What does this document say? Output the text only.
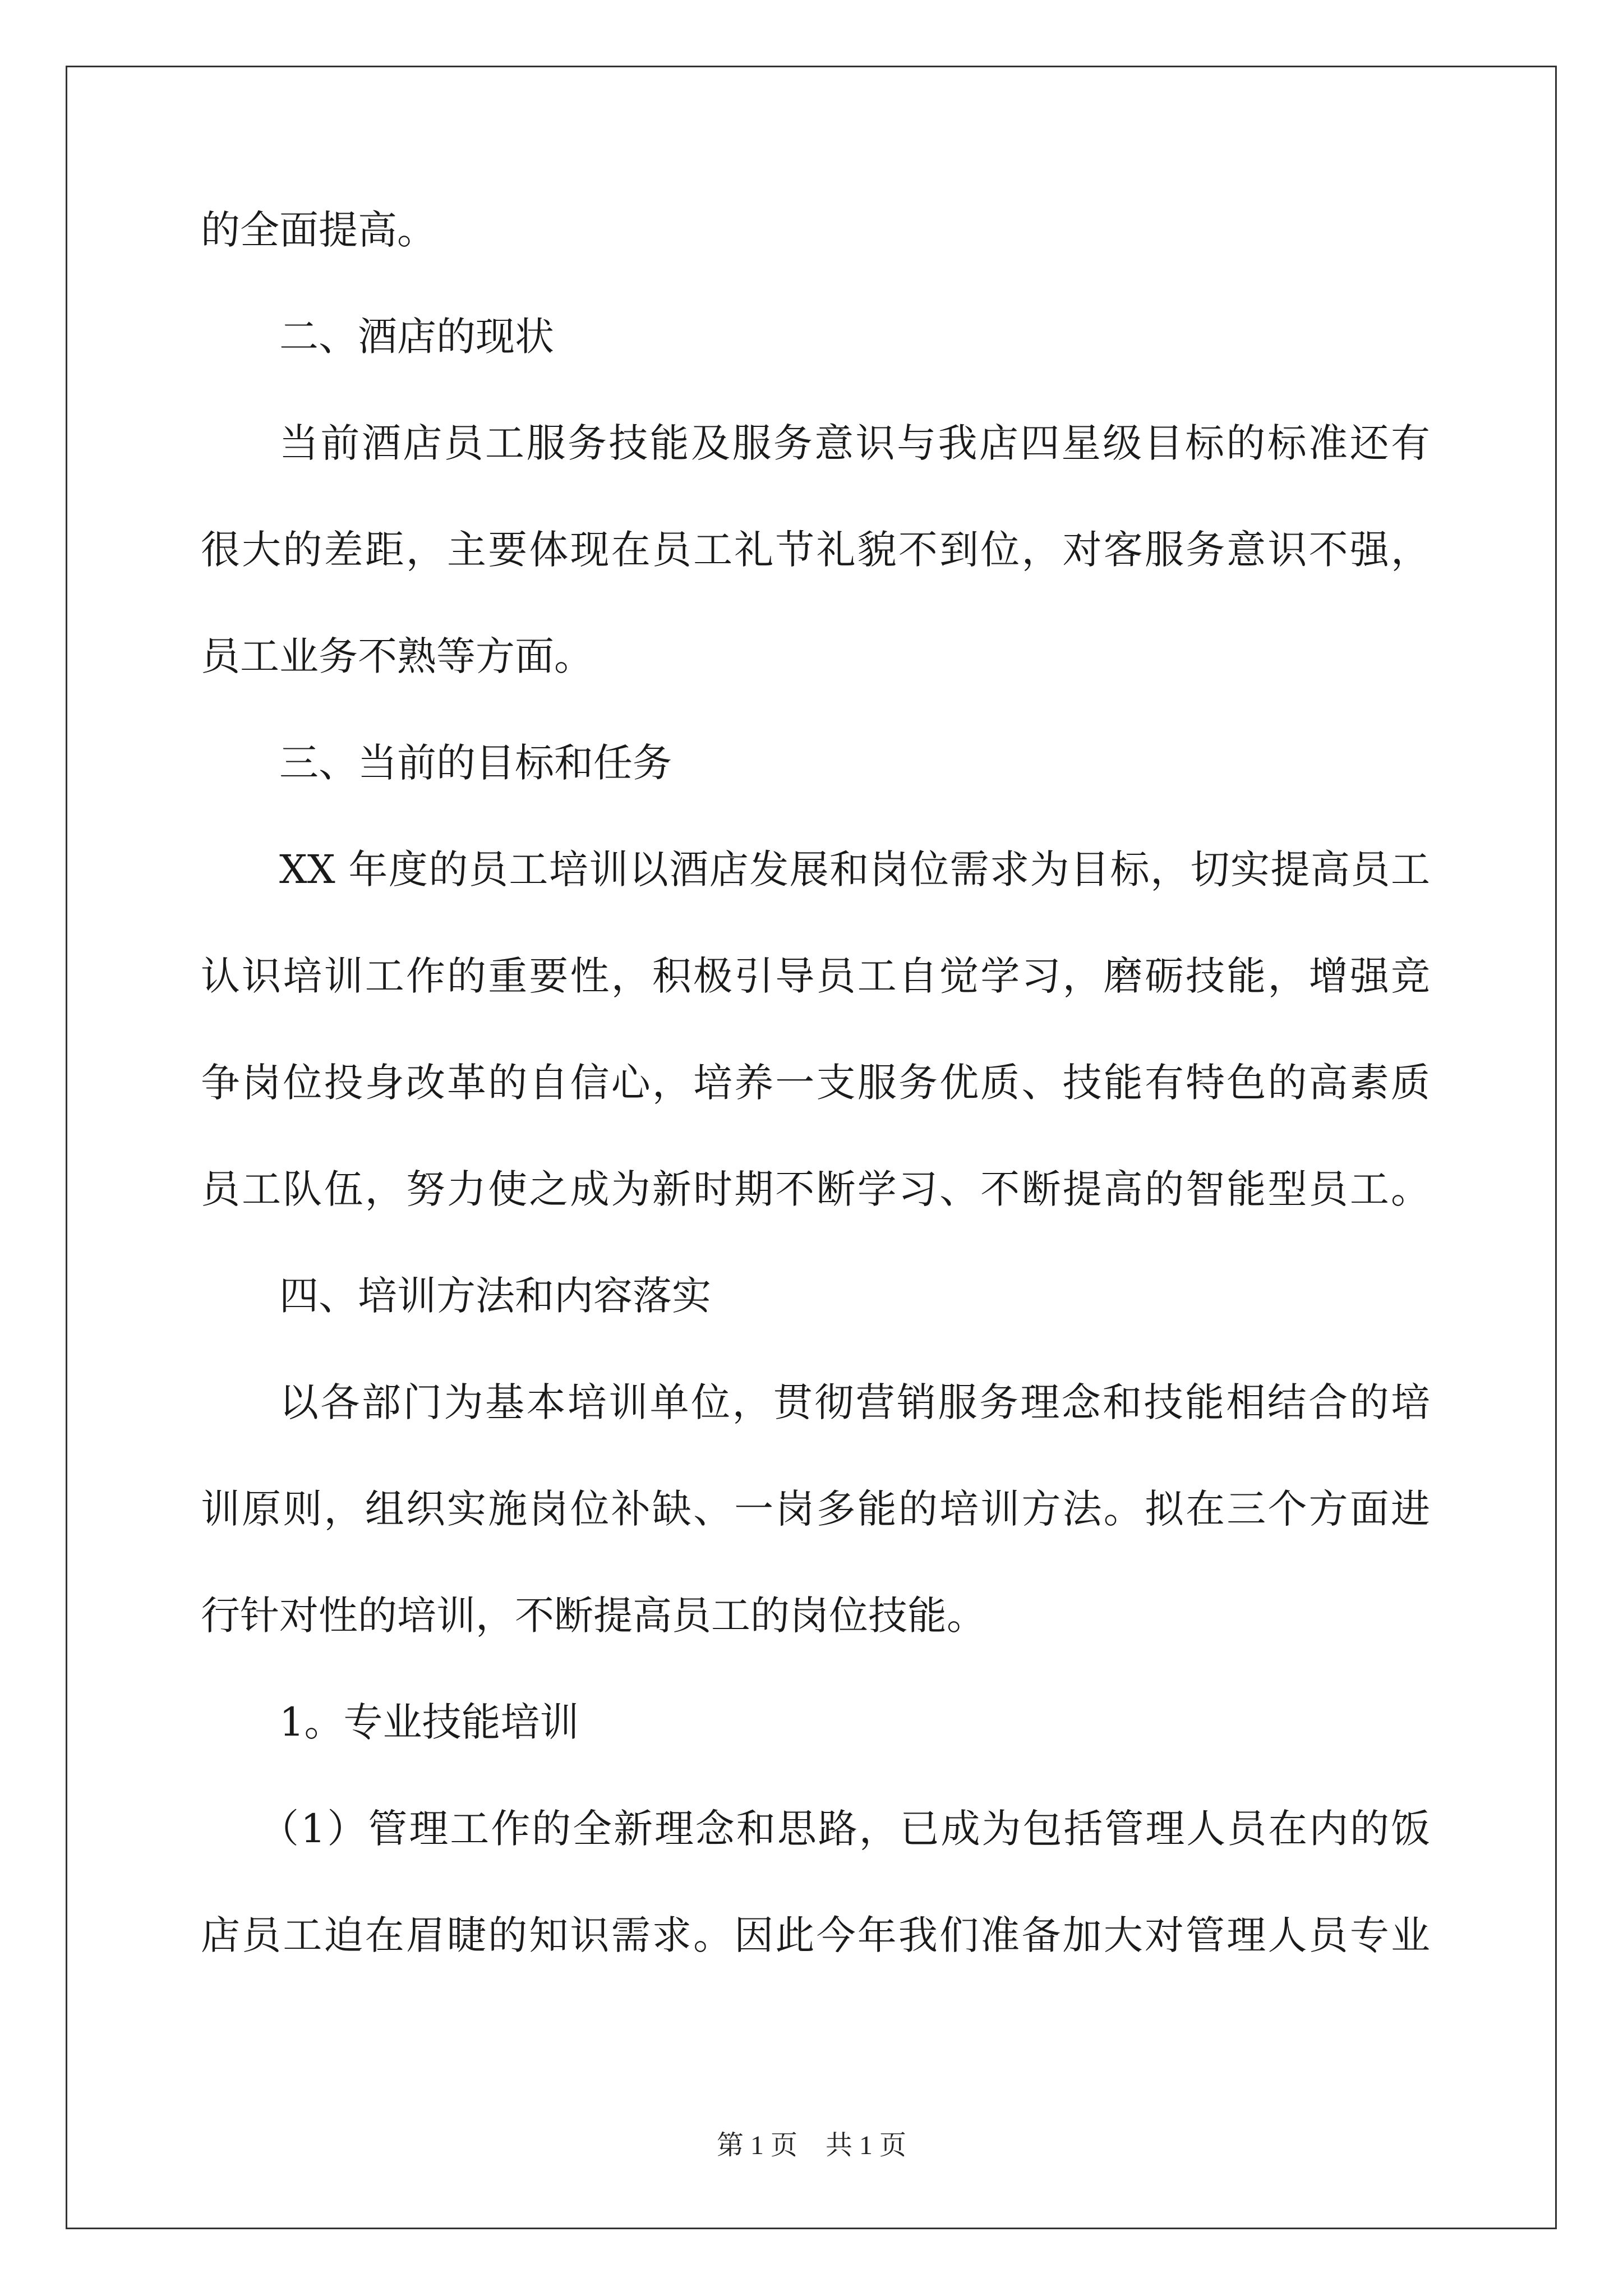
的全面提高。
二、酒店的现状
当前酒店员工服务技能及服务意识与我店四星级目标的标准还有
很大的差距，主要体现在员工礼节礼貌不到位，对客服务意识不强，
员工业务不熟等方面。
三、当前的目标和任务
XX 年度的员工培训以酒店发展和岗位需求为目标，切实提高员工
认识培训工作的重要性，积极引导员工自觉学习，磨砺技能，增强竞
争岗位投身改革的自信心，培养一支服务优质、技能有特色的高素质
员工队伍，努力使之成为新时期不断学习、不断提高的智能型员工。
四、培训方法和内容落实
以各部门为基本培训单位，贯彻营销服务理念和技能相结合的培
训原则，组织实施岗位补缺、一岗多能的培训方法。拟在三个方面进
行针对性的培训，不断提高员工的岗位技能。
1。专业技能培训
（1）管理工作的全新理念和思路，已成为包括管理人员在内的饭
店员工迫在眉睫的知识需求。因此今年我们准备加大对管理人员专业
第 1 页 共 1 页
